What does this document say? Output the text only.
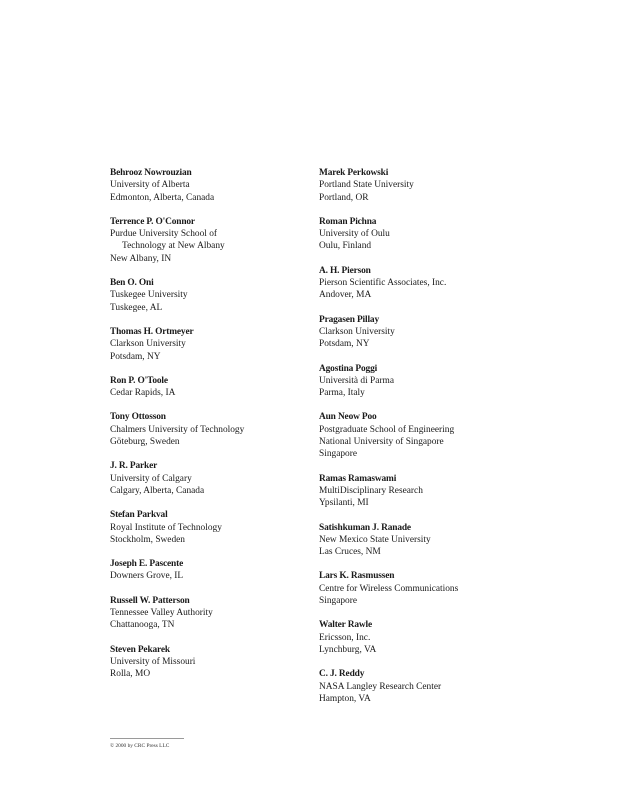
Behrooz Nowrouzian
University of Alberta
Edmonton, Alberta, Canada
Terrence P. O'Connor
Purdue University School of
Technology at New Albany
New Albany, IN
Ben O. Oni
Tuskegee University
Tuskegee, AL
Thomas H. Ortmeyer
Clarkson University
Potsdam, NY
Ron P. O'Toole
Cedar Rapids, IA
Tony Ottosson
Chalmers University of Technology
Göteburg, Sweden
J. R. Parker
University of Calgary
Calgary, Alberta, Canada
Stefan Parkval
Royal Institute of Technology
Stockholm, Sweden
Joseph E. Pascente
Downers Grove, IL
Russell W. Patterson
Tennessee Valley Authority
Chattanooga, TN
Steven Pekarek
University of Missouri
Rolla, MO
Marek Perkowski
Portland State University
Portland, OR
Roman Pichna
University of Oulu
Oulu, Finland
A. H. Pierson
Pierson Scientific Associates, Inc.
Andover, MA
Pragasen Pillay
Clarkson University
Potsdam, NY
Agostina Poggi
Università di Parma
Parma, Italy
Aun Neow Poo
Postgraduate School of Engineering
National University of Singapore
Singapore
Ramas Ramaswami
MultiDisciplinary Research
Ypsilanti, MI
Satishkuman J. Ranade
New Mexico State University
Las Cruces, NM
Lars K. Rasmussen
Centre for Wireless Communications
Singapore
Walter Rawle
Ericsson, Inc.
Lynchburg, VA
C. J. Reddy
NASA Langley Research Center
Hampton, VA
© 2000 by CRC Press LLC
